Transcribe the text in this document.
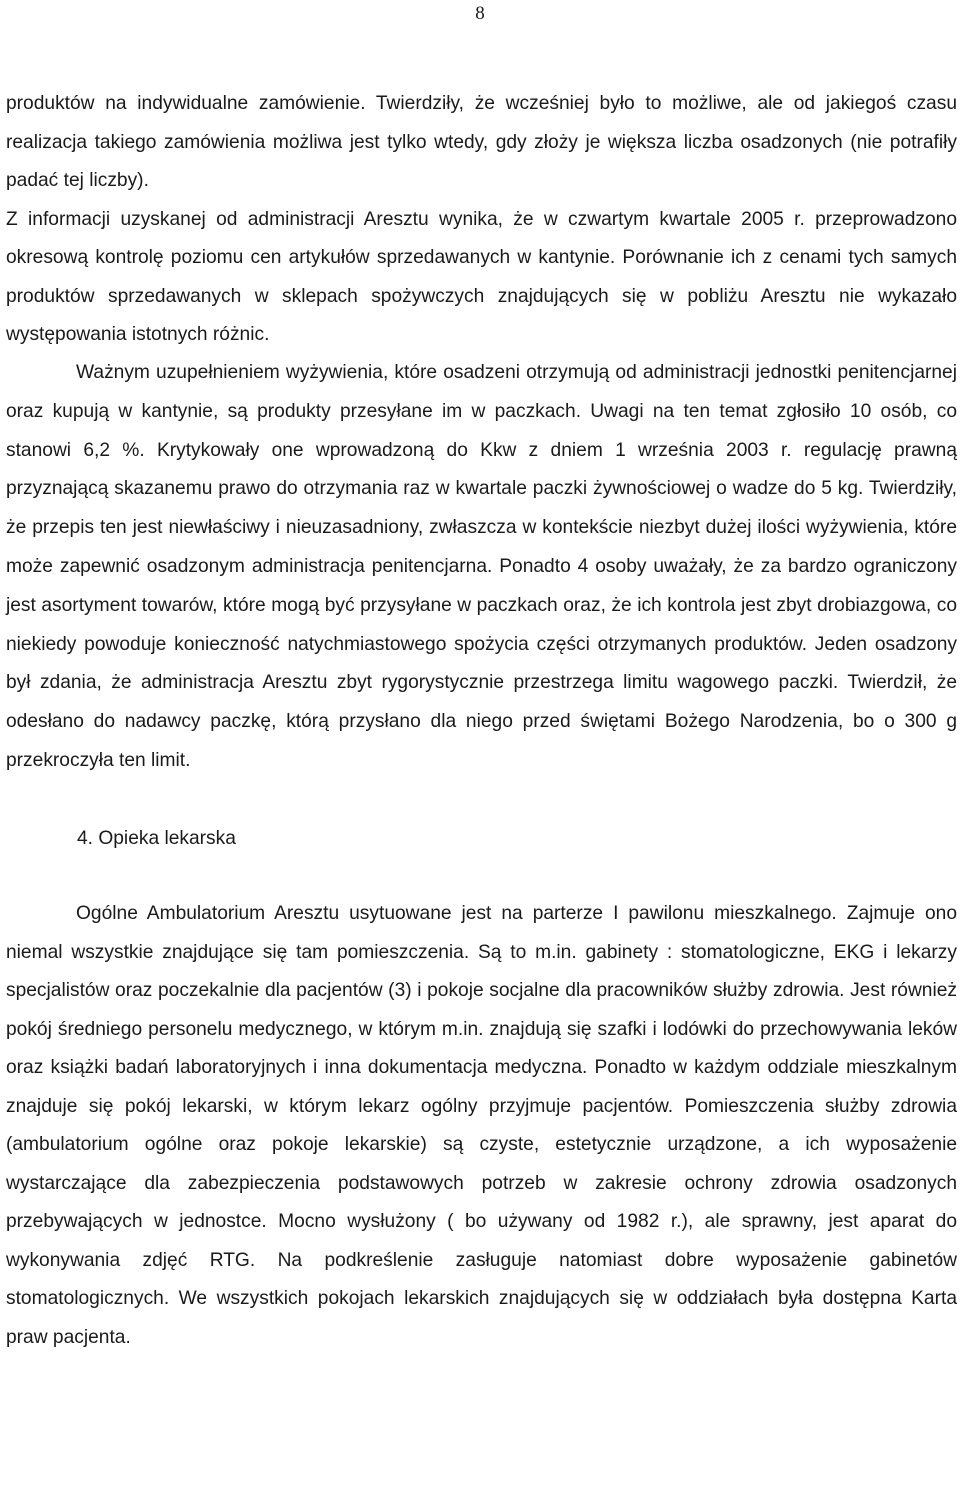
8

produktów na indywidualne zamówienie. Twierdziły, że wcześniej było to możliwe, ale od jakiegoś czasu realizacja takiego zamówienia możliwa jest tylko wtedy, gdy złoży je większa liczba osadzonych (nie potrafiły padać tej liczby).

Z informacji uzyskanej od administracji Aresztu wynika, że w czwartym kwartale 2005 r. przeprowadzono okresową kontrolę poziomu cen artykułów sprzedawanych w kantynie. Porównanie ich z cenami tych samych produktów sprzedawanych w sklepach spożywczych znajdujących się w pobliżu Aresztu nie wykazało występowania istotnych różnic.

Ważnym uzupełnieniem wyżywienia, które osadzeni otrzymują od administracji jednostki penitencjarnej oraz kupują w kantynie, są produkty przesyłane im w paczkach. Uwagi na ten temat zgłosiło 10 osób, co stanowi 6,2 %. Krytykowały one wprowadzoną do Kkw z dniem 1 września 2003 r. regulację prawną przyznającą skazanemu prawo do otrzymania raz w kwartale paczki żywnościowej o wadze do 5 kg. Twierdziły, że przepis ten jest niewłaściwy i nieuzasadniony, zwłaszcza w kontekście niezbyt dużej ilości wyżywienia, które może zapewnić osadzonym administracja penitencjarna. Ponadto 4 osoby uważały, że za bardzo ograniczony jest asortyment towarów, które mogą być przysyłane w paczkach oraz, że ich kontrola jest zbyt drobiazgowa, co niekiedy powoduje konieczność natychmiastowego spożycia części otrzymanych produktów. Jeden osadzony był zdania, że administracja Aresztu zbyt rygorystycznie przestrzega limitu wagowego paczki. Twierdził, że odesłano do nadawcy paczkę, którą przysłano dla niego przed świętami Bożego Narodzenia, bo o 300 g przekroczyła ten limit.

4. Opieka lekarska

Ogólne Ambulatorium Aresztu usytuowane jest na parterze I pawilonu mieszkalnego. Zajmuje ono niemal wszystkie znajdujące się tam pomieszczenia. Są to m.in. gabinety : stomatologiczne, EKG i lekarzy specjalistów oraz poczekalnie dla pacjentów (3) i pokoje socjalne dla pracowników służby zdrowia. Jest również pokój średniego personelu medycznego, w którym m.in. znajdują się szafki i lodówki do przechowywania leków oraz książki badań laboratoryjnych i inna dokumentacja medyczna. Ponadto w każdym oddziale mieszkalnym znajduje się pokój lekarski, w którym lekarz ogólny przyjmuje pacjentów. Pomieszczenia służby zdrowia (ambulatorium ogólne oraz pokoje lekarskie) są czyste, estetycznie urządzone, a ich wyposażenie wystarczające dla zabezpieczenia podstawowych potrzeb w zakresie ochrony zdrowia osadzonych przebywających w jednostce. Mocno wysłużony ( bo używany od 1982 r.), ale sprawny, jest aparat do wykonywania zdjęć RTG. Na podkreślenie zasługuje natomiast dobre wyposażenie gabinetów stomatologicznych. We wszystkich pokojach lekarskich znajdujących się w oddziałach była dostępna Karta praw pacjenta.
